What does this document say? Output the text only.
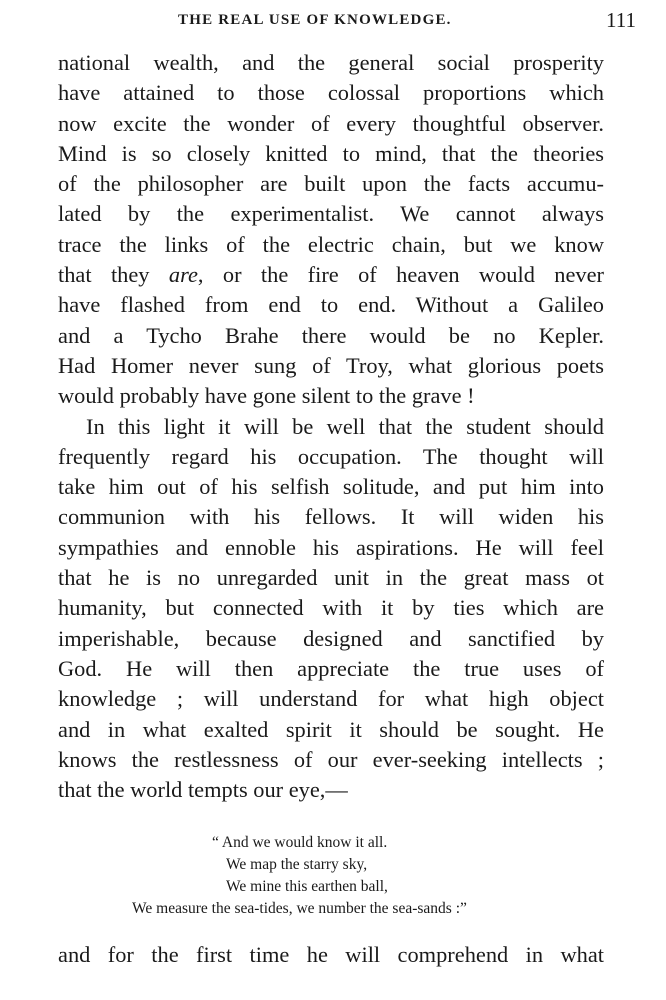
THE REAL USE OF KNOWLEDGE.	111
national wealth, and the general social prosperity
have attained to those colossal proportions which
now excite the wonder of every thoughtful observer.
Mind is so closely knitted to mind, that the theories
of the philosopher are built upon the facts accumu-
lated by the experimentalist. We cannot always
trace the links of the electric chain, but we know
that they are, or the fire of heaven would never
have flashed from end to end. Without a Galileo
and a Tycho Brahe there would be no Kepler.
Had Homer never sung of Troy, what glorious poets
would probably have gone silent to the grave !
In this light it will be well that the student should
frequently regard his occupation. The thought will
take him out of his selfish solitude, and put him into
communion with his fellows. It will widen his
sympathies and ennoble his aspirations. He will feel
that he is no unregarded unit in the great mass ot
humanity, but connected with it by ties which are
imperishable, because designed and sanctified by
God. He will then appreciate the true uses of
knowledge ; will understand for what high object
and in what exalted spirit it should be sought. He
knows the restlessness of our ever-seeking intellects ;
that the world tempts our eye,—
“ And we would know it all.
We map the starry sky,
We mine this earthen ball,
We measure the sea-tides, we number the sea-sands :”
and for the first time he will comprehend in what
